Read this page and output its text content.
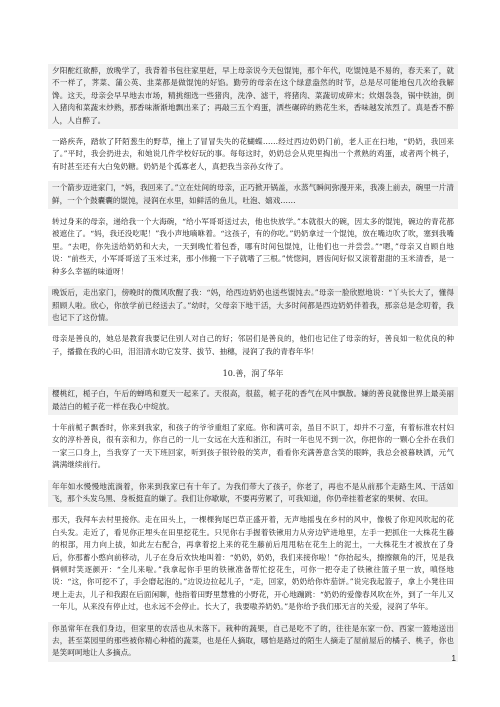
夕阳酡红欲醉，放晚学了，我背着书包往家里赶，早上母亲说今天包馄饨，那个年代，吃馄饨是不易的，春天来了，就不一样了，荠菜、蒲公英、韭菜都是做馄饨的好馅。勤劳的母亲在这个绿意盎然的时节，总是尽可能地包几次给我解馋。这天，母亲会早早地去市场，精挑细选一些猪肉，洗净、滤干，将猪肉、菜蔬切成碎末；炊烟袅袅，锅中铁油，倒入猪肉和菜蔬末炒熟，那香味渐渐地飘出来了；再敲三五个鸡蛋，洒些碾碎的熟花生米，香味越发浓烈了。真是香不醉人，人自醉了。

一路疾奔，踏软了阡陌葱生的野草，撞上了冒冒失失的花蝴蝶……经过西边奶奶门前，老人正在扫地，“奶奶，我回来了。”平时，我会扔进去，和她说几件学校好玩的事。每每这时，奶奶总会从兜里掏出一个煮熟的鸡蛋，或者两个桃子，有时甚至还有大白兔奶糖。奶奶是个孤寡老人，真把我当亲孙女待了。

一个箭步迈进家门，“妈，我回来了。”立在灶间的母亲，正巧掀开锅盖，水蒸气瞬间弥漫开来，我凑上前去，碗里一片清鲜，一个个鼓囊囊的馄饨，浸润在水里，如鲜活的鱼儿，吐泡、嬉戏……

转过身来的母亲，递给我一个大海碗，“给小军哥哥送过去，他也快放学。”本就很大的碗，因太多的馄饨，碗边的青花都被遮住了。“妈，我还没吃呢！”我小声地嘀咻着。“这孩子，有的你吃。”奶奶拿过一个馄饨，放在嘴边吹了吹，塞到我嘴里。“去吧，你先送给奶奶和大夫，一天到晚忙着包香，哪有时间包馄饨，让他们也一并尝尝。”“嗯，”母亲又自顾自地说：“前些天，小军哥哥送了玉米过来，那小伟搬一下子就嗜了三根。”恍惚间，唇齿间好似又滚着甜甜的玉米清香，是一种多么幸福的味道呀！

晚饭后，走出家门，傍晚时的微风吹醒了我：“妈，给西边奶奶也送些馄饨去。”母亲一脸欣慰地说：“丫头长大了，懂得照顾人啦。欣心，你放学前已经送去了。”幼时，父母亲下地干活，大多时间都是西边奶奶伴着我，那亲总是念叨着，我也记下了这份情。

母亲是善良的，她总是教育我要记住别人对自己的好；邻居们是善良的，他们也记住了母亲的好，善良如一粒优良的种子，播撒在我的心田，泪泪清水助它发芽、拔节、抽穗，浸润了我的青春年华！

10.善，润了华年

樱桃红，栀子白，午后的蝉鸣和夏天一起来了。天很高，很蓝，栀子花的香气在风中飘散。嫌的善良就像世界上最美丽最洁白的栀子花一样在我心中绽放。

十年前栀子飘香时，你来到我家，和孩子的爷爷重组了家庭。你和满可亲，虽目不识丁，却并不刁蛮，有着标准农村妇女的淳朴善良，很有亲和力，你自己的一儿一女远在大连和浙江，有时一年也见不到一次，你把你的一颗心全扑在我们一家三口身上，当我穿了一天下班回家，听到孩子银铃般的笑声，看看你充满善意含笑的眼眸，我总会被暮映洒，元气满满继续前行。

年年如水慢慢地流淌着，你来到我家已有十年了。为我们带大了孩子，你老了，再也不是从前那个走路生风、干活如飞，那个头发乌黑、身板挺直的嫌了。我们让你歇歇，不要再劳累了，可我知道，你仍牵挂着老家的果树、农田。

那天，我拜车去村里接你。走在田头上，一棵棵狗尾巴草正盛开着，无声地摇曳在乡村的风中，像极了你迎风吹起的花白头发。走近了，看见你正埋头在田里挖花生。只见你右手握着铁锹用力从旁边铲进地里，左手一把抓住一大株花生藤的根部，用力向上拔，如此左右配合，再拿着挖上来的花生藤前后甩甩粘在花生上的泥土，一大株花生才被放在了身后，你那蓄小憨向前移动，儿子在身后欢快地叫着：“奶奶，奶奶，我们来接你啦！”你抬起头，擦擦额角的汗，见是我俩顿时笑逐颜开：“全儿来啦。”我拿起你手里的铁锹准备帮忙挖花生，可你一把夺走了铁锹往篮子里一放，嗔怪地说：“这，你可挖不了，手会磨起泡的。”边说边拉起儿子，“走，回家，奶奶给你炸茄饼。”说完我起篮子，拿上小凳往田埂上走去，儿子和我跟在后面闲聊，他指着田野里慧雅的小野花，开心地蹦跳：“奶奶的爱像春风吹在外，到了一年儿又一年儿，从来没有停止过，也永远不会停止。长大了，我要嗷养奶奶。”是你给予我们那无言的关爱，浸润了华年。

你虽常年在我们身边，但家里的农活也从未落下。栽种的蔬果，自己是吃不了的，往往是东家一份、西家一篮地送出去，甚至菜园里的那些被你精心种植的蔬菜，也是任人摘取，哪怕是路过的陌生人摘走了屋前屋后的橘子、桃子，你也是笑呵呵地让人多摘点。

1
